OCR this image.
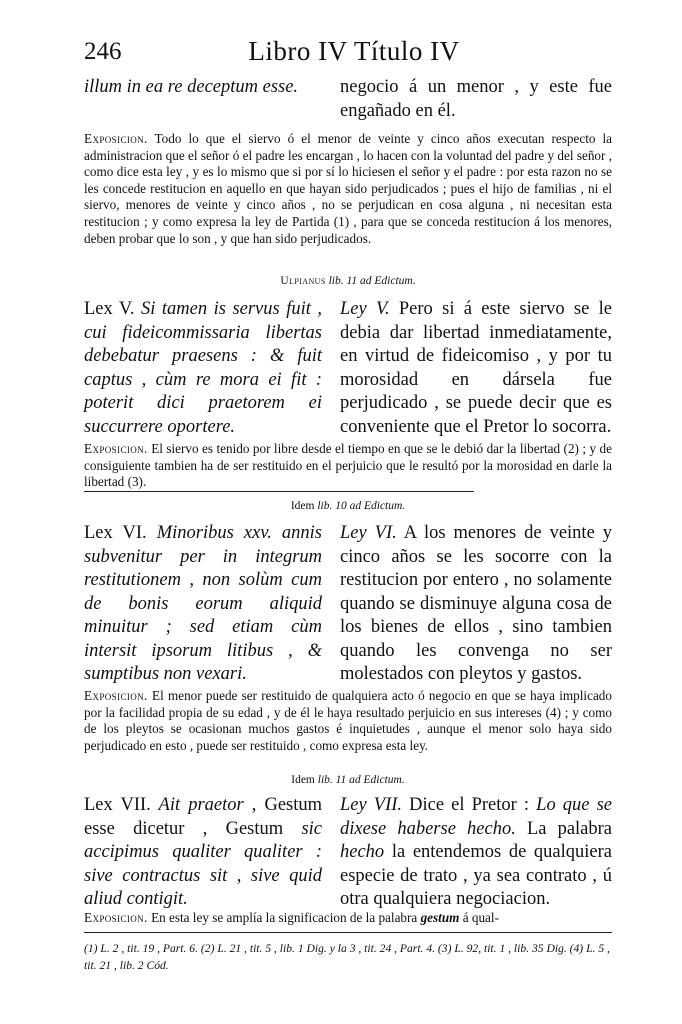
246	Libro IV Título IV

illum in ea re deceptum esse.	negocio á un menor , y este fue engañado en él.

Exposicion. Todo lo que el siervo ó el menor de veinte y cinco años executan respecto la administracion que el señor ó el padre les encargan , lo hacen con la voluntad del padre y del señor , como dice esta ley , y es lo mismo que si por sí lo hiciesen el señor y el padre : por esta razon no se les concede restitucion en aquello en que hayan sido perjudicados ; pues el hijo de familias , ni el siervo, menores de veinte y cinco años , no se perjudican en cosa alguna , ni necesitan esta restitucion ; y como expresa la ley de Partida (1) , para que se conceda restitucion á los menores, deben probar que lo son , y que han sido perjudicados.

Ulpianus lib. 11 ad Edictum.

Lex V. Si tamen is servus fuit , cui fideicommissaria libertas debebatur praesens : & fuit captus , cùm re mora ei fit : poterit dici praetorem ei succurrere oportere.

Ley V. Pero si á este siervo se le debia dar libertad inmediatamente, en virtud de fideicomiso , y por tu morosidad en dársela fue perjudicado , se puede decir que es conveniente que el Pretor lo socorra.

Exposicion. El siervo es tenido por libre desde el tiempo en que se le debió dar la libertad (2) ; y de consiguiente tambien ha de ser restituido en el perjuicio que le resultó por la morosidad en darle la libertad (3).

Idem lib. 10 ad Edictum.

Lex VI. Minoribus xxv. annis subvenitur per in integrum restitutionem , non solùm cum de bonis eorum aliquid minuitur ; sed etiam cùm intersit ipsorum litibus , & sumptibus non vexari.

Ley VI. A los menores de veinte y cinco años se les socorre con la restitucion por entero , no solamente quando se disminuye alguna cosa de los bienes de ellos , sino tambien quando les convenga no ser molestados con pleytos y gastos.

Exposicion. El menor puede ser restituido de qualquiera acto ó negocio en que se haya implicado por la facilidad propia de su edad , y de él le haya resultado perjuicio en sus intereses (4) ; y como de los pleytos se ocasionan muchos gastos é inquietudes , aunque el menor solo haya sido perjudicado en esto , puede ser restituido , como expresa esta ley.

Idem lib. 11 ad Edictum.

Lex VII. Ait praetor , Gestum esse dicetur , Gestum sic accipimus qualiter qualiter : sive contractus sit , sive quid aliud contigit.

Ley VII. Dice el Pretor : Lo que se dixese haberse hecho. La palabra hecho la entendemos de qualquiera especie de trato , ya sea contrato , ú otra qualquiera negociacion.

Exposicion. En esta ley se amplía la significacion de la palabra gestum á qual-

(1) L. 2 , tit. 19 , Part. 6. (2) L. 21 , tit. 5 , lib. 1 Dig. y la 3 , tit. 24 , Part. 4. (3) L. 92, tit. 1 , lib. 35 Dig. (4) L. 5 , tit. 21 , lib. 2 Cód.
